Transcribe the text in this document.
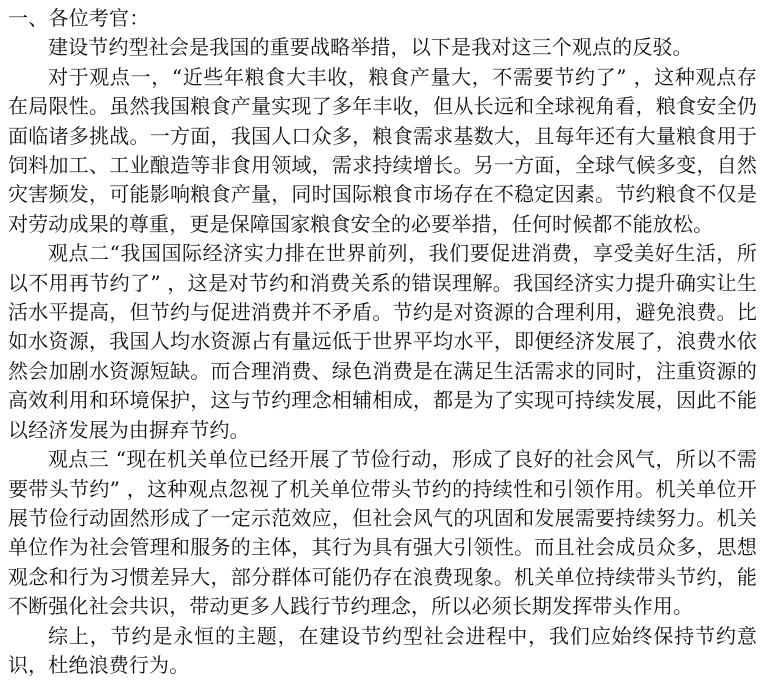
一、各位考官：

建设节约型社会是我国的重要战略举措，以下是我对这三个观点的反驳。

对于观点一，“近些年粮食大丰收，粮食产量大，不需要节约了” ，这种观点存在局限性。虽然我国粮食产量实现了多年丰收，但从长远和全球视角看，粮食安全仍面临诸多挑战。一方面，我国人口众多，粮食需求基数大，且每年还有大量粮食用于饲料加工、工业酿造等非食用领域，需求持续增长。另一方面，全球气候多变，自然灾害频发，可能影响粮食产量，同时国际粮食市场存在不稳定因素。节约粮食不仅是对劳动成果的尊重，更是保障国家粮食安全的必要举措，任何时候都不能放松。

观点二“我国国际经济实力排在世界前列，我们要促进消费，享受美好生活，所以不用再节约了” ，这是对节约和消费关系的错误理解。我国经济实力提升确实让生活水平提高，但节约与促进消费并不矛盾。节约是对资源的合理利用，避免浪费。比如水资源，我国人均水资源占有量远低于世界平均水平，即便经济发展了，浪费水依然会加剧水资源短缺。而合理消费、绿色消费是在满足生活需求的同时，注重资源的高效利用和环境保护，这与节约理念相辅相成，都是为了实现可持续发展，因此不能以经济发展为由摒弃节约。

观点三 “现在机关单位已经开展了节俭行动，形成了良好的社会风气，所以不需要带头节约” ，这种观点忽视了机关单位带头节约的持续性和引领作用。机关单位开展节俭行动固然形成了一定示范效应，但社会风气的巩固和发展需要持续努力。机关单位作为社会管理和服务的主体，其行为具有强大引领性。而且社会成员众多，思想观念和行为习惯差异大，部分群体可能仍存在浪费现象。机关单位持续带头节约，能不断强化社会共识，带动更多人践行节约理念，所以必须长期发挥带头作用。

综上，节约是永恒的主题，在建设节约型社会进程中，我们应始终保持节约意识，杜绝浪费行为。
